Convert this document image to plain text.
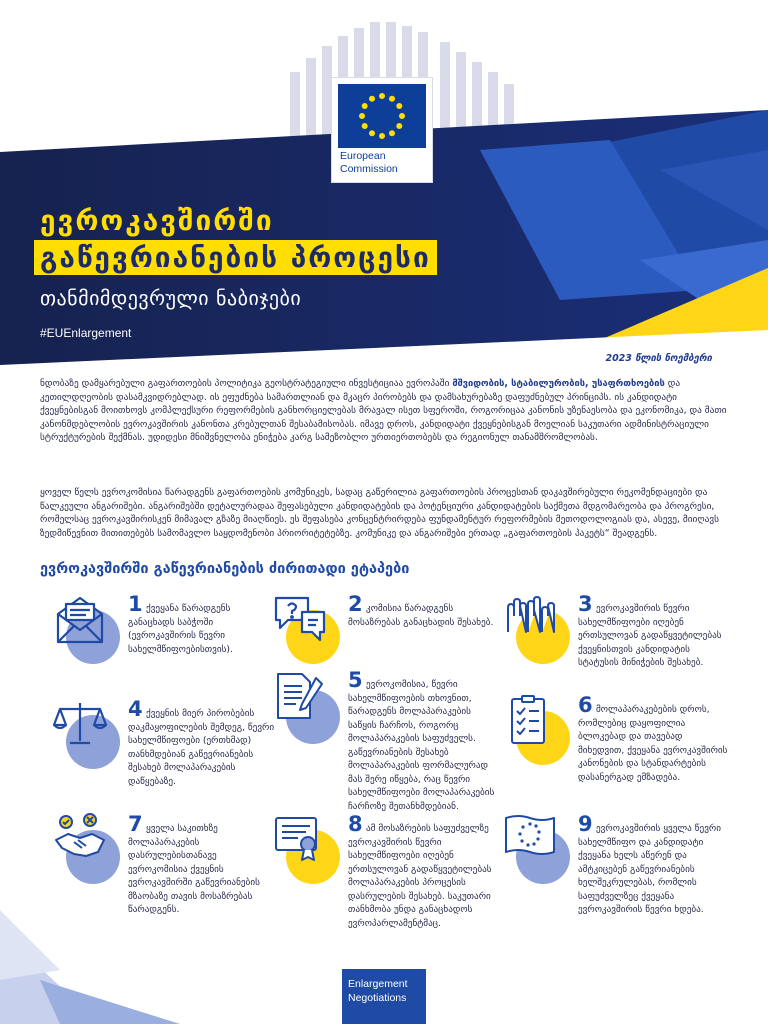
European
Commission
ევროკავშირში
გაწევრიანების პროცესი
თანმიმდევრული ნაბიჯები
#EUEnlargement
2023 წლის ნოემბერი
ნდობაზე დამყარებული გაფართოების პოლიტიკა გეოსტრატეგიული ინვესტიციაა ევროპაში მშვიდობის, სტაბილურობის, უსაფრთხოების და კეთილდღეობის დასამკვიდრებლად. ის ეფუძნება სამართლიან და მკაცრ პირობებს და დამსახურებაზე დაფუძნებულ პრინციპს. ის კანდიდატი ქვეყნებისგან მოითხოვს კომპლექსური რეფორმების განხორციელებას მრავალ ისეთ სფეროში, როგორიცაა კანონის უზენაესობა და ეკონომიკა, და მათი კანონმდებლობის ევროკავშირის კანონთა კრებულთან შესაბამისობას. იმავე დროს, კანდიდატი ქვეყნებისგან მოელიან საკუთარი ადმინისტრაციული სტრუქტურების შექმნას. უდიდესი მნიშვნელობა ენიჭება კარგ სამეზობლო ურთიერთობებს და რეგიონულ თანამშრომლობას.
ყოველ წელს ევროკომისია წარადგენს გაფართოების კომუნიკეს, სადაც გაწერილია გაფართოების პროცესთან დაკავშირებული რეკომენდაციები და წალკეული ანგარიშები. ანგარიშებში დეტალურადაა შეფასებული კანდიდატების და პოტენციური კანდიდატების საქმეთა მდგომარეობა და პროგრესი, რომელსაც ევროკავშირისკენ მიმავალ გზაზე მიაღწიეს. ეს შეფასება კონცენტრირდება ფუნდამენტურ რეფორმების მეთოდოლოგიას და, ასევე, მიიღავს ზედმიწევნით მითითებებს სამომავლო საყდომენობი პრიორიტეტებზე. კომუნიკე და ანგარიშები ერთად „გაფართოების პაკეტს“ შეადგენს.
ევროკავშირში გაწევრიანების ძირითადი ეტაპები
1 ქვეყანა წარადგენს განაცხადს საბჭოში (ევროკავშირის წევრი სახელმწიფოებისთვის).
2 კომისია წარადგენს მოსაზრებას განაცხადის შესახებ.
3 ევროკავშირის წევრი სახელმწიფოები იღებენ ერთსულოვან გადაწყვეტილებას ქვეყნისთვის კანდიდატის სტატუსის მინიჭების შესახებ.
4 ქვეყნის მიერ პირობების დაკმაყოფილების შემდეგ, წევრი სახელმწიფოები (ერთხმად) თანხმდებიან გაწევრიანების შესახებ მოლაპარაკების დაწყებაზე.
5 ევროკომისია, წევრი სახელმწიფოების თხოვნით, წარადგენს მოლაპარაკების საწყის ჩარჩოს, როგორც მოლაპარაკების საფუძველს. გაწევრიანების შესახებ მოლაპარაკების ფორმალურად მას შერე იწყება, რაც წევრი სახელმწიფოები მოლაპარაკების ჩარჩოზე შეთანხმდებიან.
6 მოლაპარაკებების დროს, რომლებიც დაყოფილია ბლოკებად და თავებად მიხედვით, ქვეყანა ევროკავშირის კანონების და სტანდარტების დასანერგად ემზადება.
7 ყველა საკითხზე მოლაპარაკების დასრულებისთანავე ევროკომისია ქვეყნის ევროკავშირში გაწევრიანების მზაობაზე თავის მოსაზრებას წარადგენს.
8 ამ მოსაზრების საფუძველზე ევროკავშირის წევრი სახელმწიფოები იღებენ ერთსულოვან გადაწყვეტილებას მოლაპარაკების პროცესის დასრულების შესახებ. საკუთარი თანხმობა უნდა განაცხადოს ევროპარლამენტმაც.
9 ევროკავშირის ყველა წევრი სახელმწიფო და კანდიდატი ქვეყანა ხელს აწერენ და ამტკიცებენ გაწევრიანების ხელშეკრულებას, რომლის საფუძველზეც ქვეყანა ევროკავშირის წევრი ხდება.
Enlargement
Negotiations
